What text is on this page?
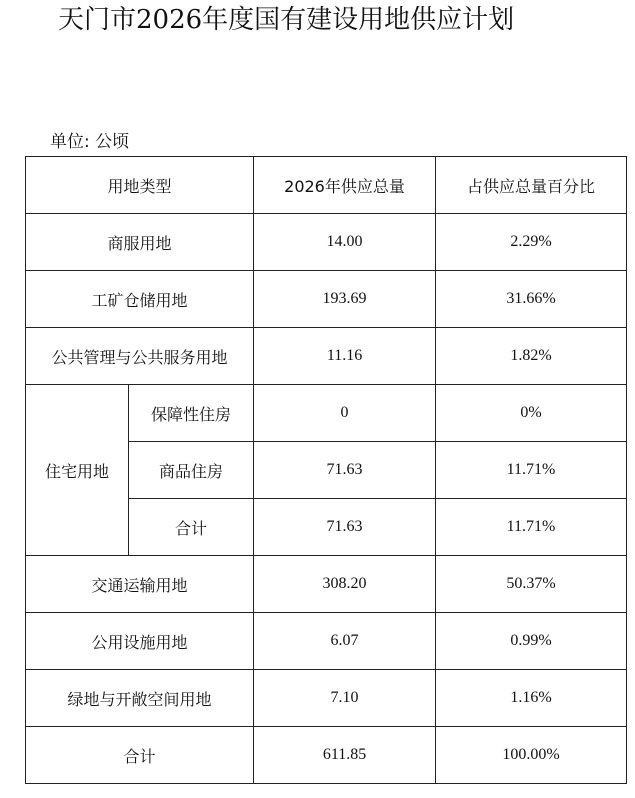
天门市2026年度国有建设用地供应计划
单位: 公顷
用地类型		2026年供应总量	占供应总量百分比
商服用地		14.00	2.29%
工矿仓储用地		193.69	31.66%
公共管理与公共服务用地		11.16	1.82%
住宅用地	保障性住房	0	0%
	商品住房	71.63	11.71%
	合计	71.63	11.71%
交通运输用地		308.20	50.37%
公用设施用地		6.07	0.99%
绿地与开敞空间用地		7.10	1.16%
合计		611.85	100.00%
